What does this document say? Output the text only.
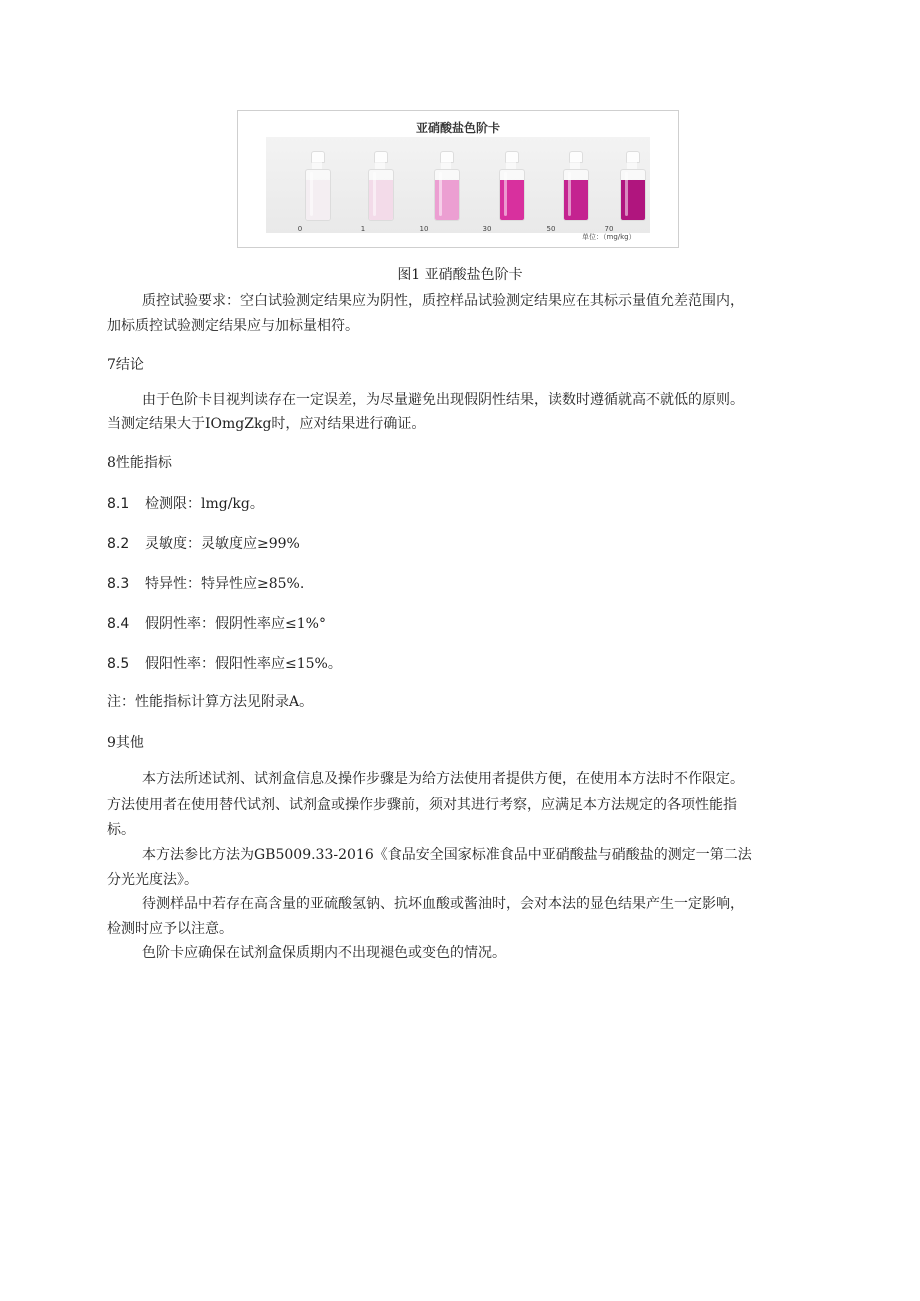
亚硝酸盐色阶卡
0	1	10	30	50	70
单位：（mg/kg）
图1 亚硝酸盐色阶卡
质控试验要求：空白试验测定结果应为阴性，质控样品试验测定结果应在其标示量值允差范围内，
加标质控试验测定结果应与加标量相符。
7结论
由于色阶卡目视判读存在一定误差，为尽量避免出现假阴性结果，读数时遵循就高不就低的原则。
当测定结果大于IOmgZkg时，应对结果进行确证。
8性能指标
8.1 检测限：lmg/kg。
8.2 灵敏度：灵敏度应≥99%
8.3 特异性：特异性应≥85%.
8.4 假阴性率：假阴性率应≤1%°
8.5 假阳性率：假阳性率应≤15%。
注：性能指标计算方法见附录A。
9其他
本方法所述试剂、试剂盒信息及操作步骤是为给方法使用者提供方便，在使用本方法时不作限定。
方法使用者在使用替代试剂、试剂盒或操作步骤前，须对其进行考察，应满足本方法规定的各项性能指
标。
本方法参比方法为GB5009.33-2016《食品安全国家标准食品中亚硝酸盐与硝酸盐的测定一第二法
分光光度法》。
待测样品中若存在高含量的亚硫酸氢钠、抗坏血酸或酱油时，会对本法的显色结果产生一定影响，
检测时应予以注意。
色阶卡应确保在试剂盒保质期内不出现褪色或变色的情况。
